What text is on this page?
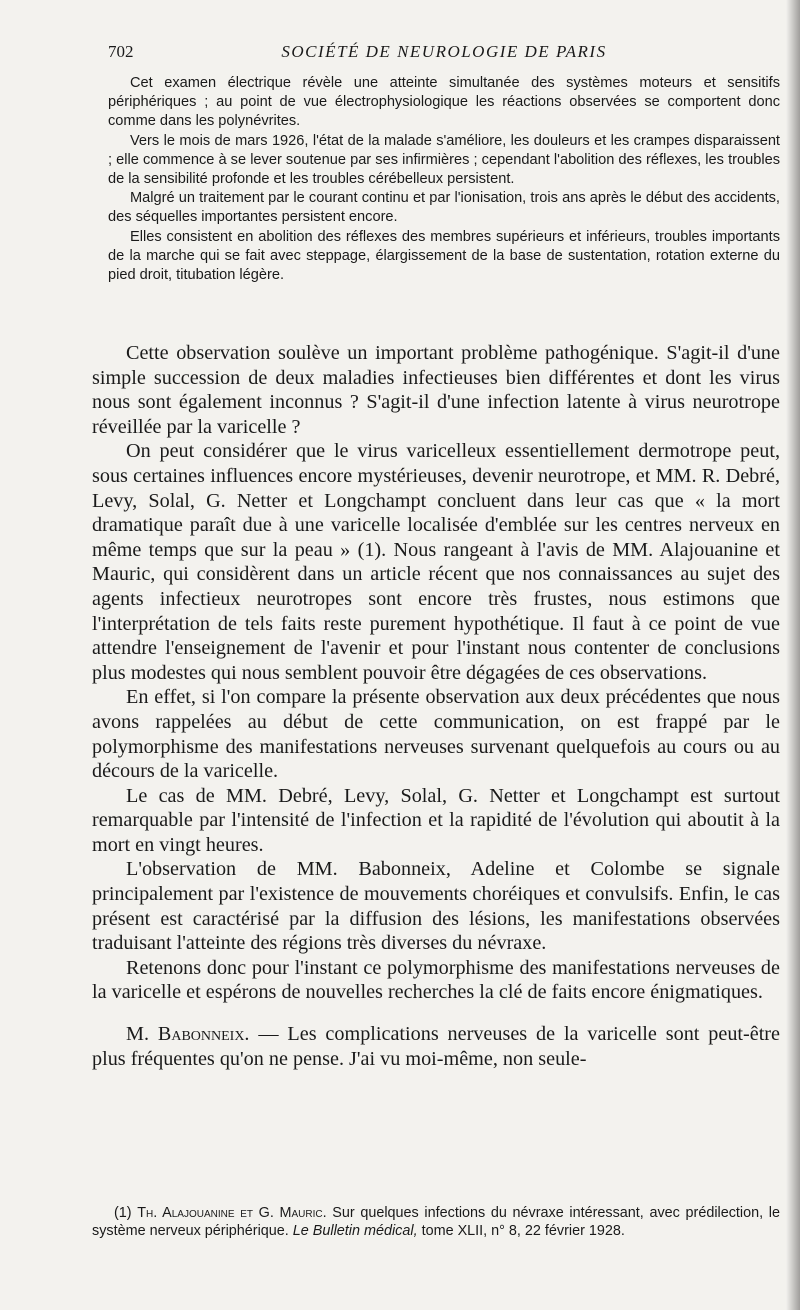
702	SOCIÉTÉ DE NEUROLOGIE DE PARIS

Cet examen électrique révèle une atteinte simultanée des systèmes moteurs et sensitifs périphériques ; au point de vue électrophysiologique les réactions observées se comportent donc comme dans les polynévrites.

Vers le mois de mars 1926, l'état de la malade s'améliore, les douleurs et les crampes disparaissent ; elle commence à se lever soutenue par ses infirmières ; cependant l'abolition des réflexes, les troubles de la sensibilité profonde et les troubles cérébelleux persistent.

Malgré un traitement par le courant continu et par l'ionisation, trois ans après le début des accidents, des séquelles importantes persistent encore.

Elles consistent en abolition des réflexes des membres supérieurs et inférieurs, troubles importants de la marche qui se fait avec steppage, élargissement de la base de sustentation, rotation externe du pied droit, titubation légère.

Cette observation soulève un important problème pathogénique. S'agit-il d'une simple succession de deux maladies infectieuses bien différentes et dont les virus nous sont également inconnus ? S'agit-il d'une infection latente à virus neurotrope réveillée par la varicelle ?

On peut considérer que le virus varicelleux essentiellement dermotrope peut, sous certaines influences encore mystérieuses, devenir neurotrope, et MM. R. Debré, Levy, Solal, G. Netter et Longchampt concluent dans leur cas que « la mort dramatique paraît due à une varicelle localisée d'emblée sur les centres nerveux en même temps que sur la peau » (1). Nous rangeant à l'avis de MM. Alajouanine et Mauric, qui considèrent dans un article récent que nos connaissances au sujet des agents infectieux neurotropes sont encore très frustes, nous estimons que l'interprétation de tels faits reste purement hypothétique. Il faut à ce point de vue attendre l'enseignement de l'avenir et pour l'instant nous contenter de conclusions plus modestes qui nous semblent pouvoir être dégagées de ces observations.

En effet, si l'on compare la présente observation aux deux précédentes que nous avons rappelées au début de cette communication, on est frappé par le polymorphisme des manifestations nerveuses survenant quelquefois au cours ou au décours de la varicelle.

Le cas de MM. Debré, Levy, Solal, G. Netter et Longchampt est surtout remarquable par l'intensité de l'infection et la rapidité de l'évolution qui aboutit à la mort en vingt heures.

L'observation de MM. Babonneix, Adeline et Colombe se signale principalement par l'existence de mouvements choréiques et convulsifs. Enfin, le cas présent est caractérisé par la diffusion des lésions, les manifestations observées traduisant l'atteinte des régions très diverses du névraxe.

Retenons donc pour l'instant ce polymorphisme des manifestations nerveuses de la varicelle et espérons de nouvelles recherches la clé de faits encore énigmatiques.

M. Babonneix. — Les complications nerveuses de la varicelle sont peut-être plus fréquentes qu'on ne pense. J'ai vu moi-même, non seule-

(1) Th. Alajouanine et G. Mauric. Sur quelques infections du névraxe intéressant, avec prédilection, le système nerveux périphérique. Le Bulletin médical, tome XLII, n° 8, 22 février 1928.
